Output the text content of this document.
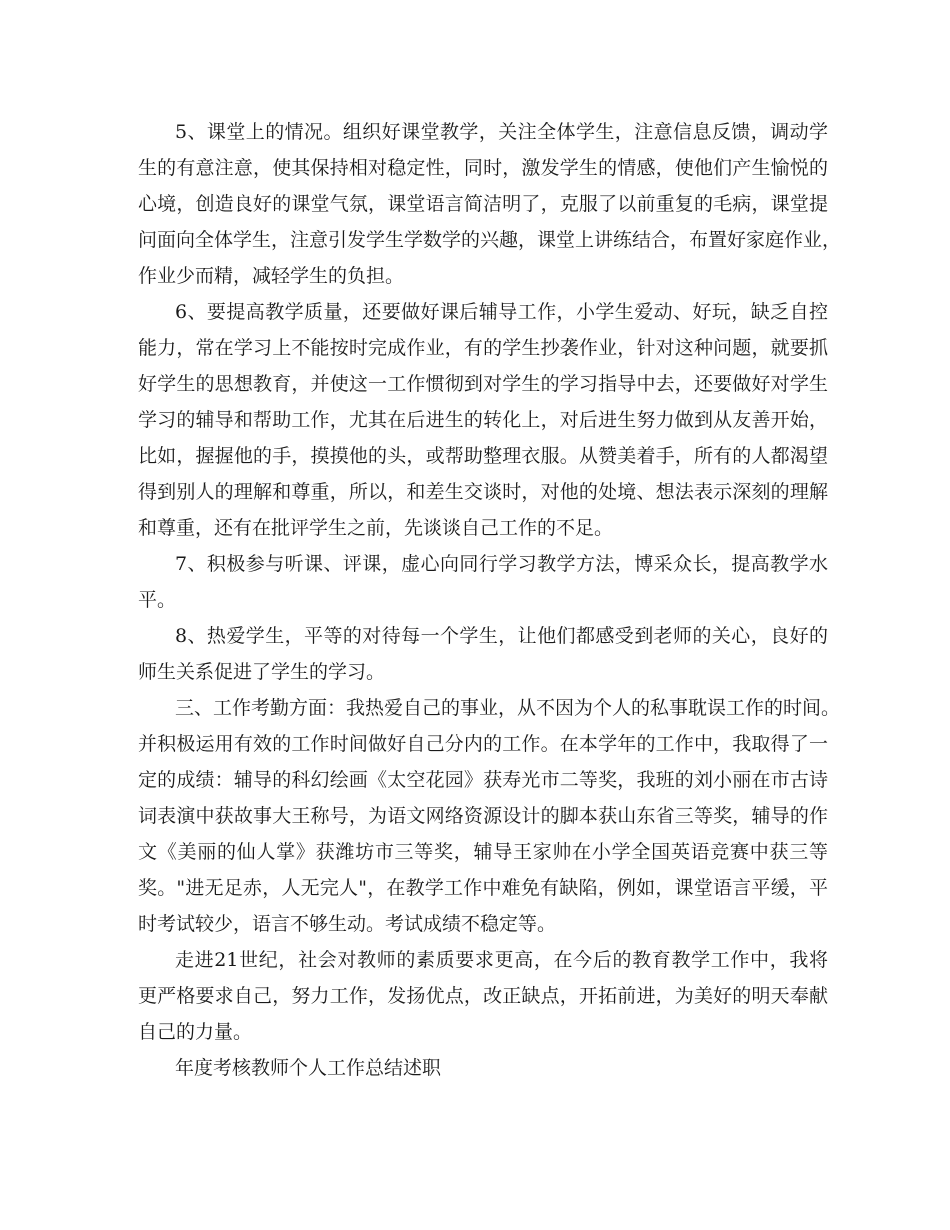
5、课堂上的情况。组织好课堂教学，关注全体学生，注意信息反馈，调动学
生的有意注意，使其保持相对稳定性，同时，激发学生的情感，使他们产生愉悦的
心境，创造良好的课堂气氛，课堂语言简洁明了，克服了以前重复的毛病，课堂提
问面向全体学生，注意引发学生学数学的兴趣，课堂上讲练结合，布置好家庭作业，
作业少而精，减轻学生的负担。
6、要提高教学质量，还要做好课后辅导工作，小学生爱动、好玩，缺乏自控
能力，常在学习上不能按时完成作业，有的学生抄袭作业，针对这种问题，就要抓
好学生的思想教育，并使这一工作惯彻到对学生的学习指导中去，还要做好对学生
学习的辅导和帮助工作，尤其在后进生的转化上，对后进生努力做到从友善开始，
比如，握握他的手，摸摸他的头，或帮助整理衣服。从赞美着手，所有的人都渴望
得到别人的理解和尊重，所以，和差生交谈时，对他的处境、想法表示深刻的理解
和尊重，还有在批评学生之前，先谈谈自己工作的不足。
7、积极参与听课、评课，虚心向同行学习教学方法，博采众长，提高教学水
平。
8、热爱学生，平等的对待每一个学生，让他们都感受到老师的关心，良好的
师生关系促进了学生的学习。
三、工作考勤方面：我热爱自己的事业，从不因为个人的私事耽误工作的时间。
并积极运用有效的工作时间做好自己分内的工作。在本学年的工作中，我取得了一
定的成绩：辅导的科幻绘画《太空花园》获寿光市二等奖，我班的刘小丽在市古诗
词表演中获故事大王称号，为语文网络资源设计的脚本获山东省三等奖，辅导的作
文《美丽的仙人掌》获潍坊市三等奖，辅导王家帅在小学全国英语竞赛中获三等
奖。"进无足赤，人无完人"，在教学工作中难免有缺陷，例如，课堂语言平缓，平
时考试较少，语言不够生动。考试成绩不稳定等。
走进21世纪，社会对教师的素质要求更高，在今后的教育教学工作中，我将
更严格要求自己，努力工作，发扬优点，改正缺点，开拓前进，为美好的明天奉献
自己的力量。
年度考核教师个人工作总结述职
